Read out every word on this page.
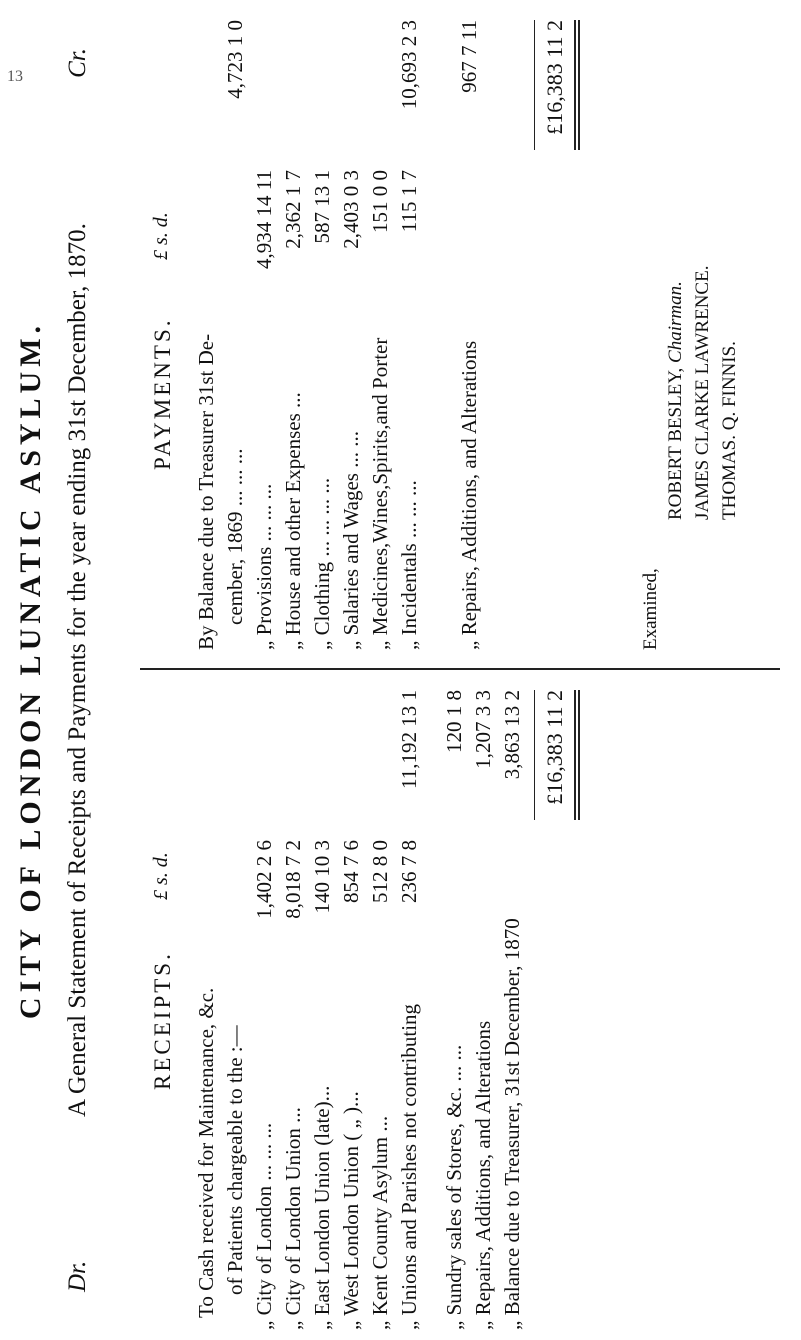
13
CITY OF LONDON LUNATIC ASYLUM.
Dr.
A General Statement of Receipts and Payments for the year ending 31st December, 1870.
Cr.
RECEIPTS.
£ s. d.
To Cash received for Maintenance, &c. of Patients chargeable to the :—
„ City of London ... ... ...
1,402 2 6
„ City of London Union ...
8,018 7 2
„ East London Union (late)...
140 10 3
„ West London Union ( „ )...
854 7 6
„ Kent County Asylum ...
512 8 0
„ Unions and Parishes not contributing
236 7 8
11,192 13 1
„ Sundry sales of Stores, &c. ... ...
120 1 8
„ Repairs, Additions, and Alterations
1,207 3 3
„ Balance due to Treasurer, 31st December, 1870
3,863 13 2 £16,383 11 2
PAYMENTS.
£ s. d.
By Balance due to Treasurer 31st De- cember, 1869 ... ... ...
4,723 1 0
„ Provisions ... ... ...
4,934 14 11
„ House and other Expenses ...
2,362 1 7
„ Clothing ... ... ... ...
587 13 1
„ Salaries and Wages ... ...
2,403 0 3
„ Medicines,Wines,Spirits,and Porter
151 0 0
„ Incidentals ... ... ...
115 1 7
10,693 2 3
„ Repairs, Additions, and Alterations
967 7 11	£16,383 11 2
Examined,
ROBERT BESLEY, Chairman. JAMES CLARKE LAWRENCE. THOMAS. Q. FINNIS.
